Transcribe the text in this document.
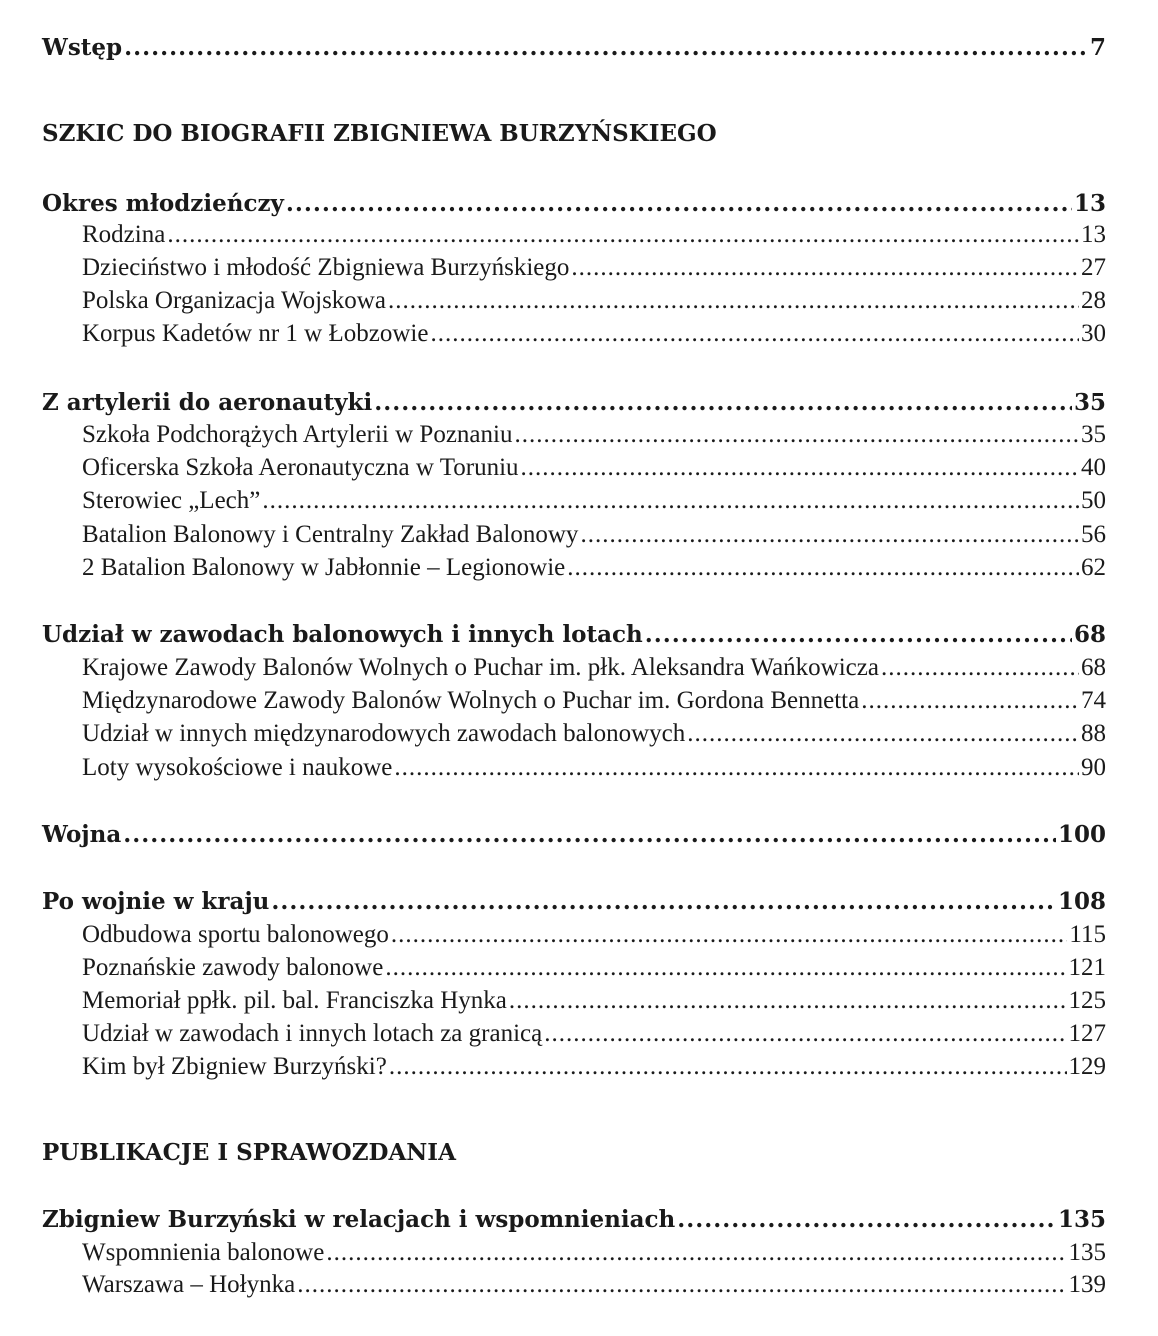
Wstęp .....	7
SZKIC DO BIOGRAFII ZBIGNIEWA BURZYŃSKIEGO
Okres młodzieńczy .....	13
Rodzina .....	13
Dzieciństwo i młodość Zbigniewa Burzyńskiego .....	27
Polska Organizacja Wojskowa .....	28
Korpus Kadetów nr 1 w Łobzowie .....	30
Z artylerii do aeronautyki .....	35
Szkoła Podchorążych Artylerii w Poznaniu .....	35
Oficerska Szkoła Aeronautyczna w Toruniu .....	40
Sterowiec „Lech” .....	50
Batalion Balonowy i Centralny Zakład Balonowy .....	56
2 Batalion Balonowy w Jabłonnie – Legionowie .....	62
Udział w zawodach balonowych i innych lotach .....	68
Krajowe Zawody Balonów Wolnych o Puchar im. płk. Aleksandra Wańkowicza .....	68
Międzynarodowe Zawody Balonów Wolnych o Puchar im. Gordona Bennetta .....	74
Udział w innych międzynarodowych zawodach balonowych .....	88
Loty wysokościowe i naukowe .....	90
Wojna .....	100
Po wojnie w kraju .....	108
Odbudowa sportu balonowego .....	115
Poznańskie zawody balonowe .....	121
Memoriał ppłk. pil. bal. Franciszka Hynka .....	125
Udział w zawodach i innych lotach za granicą .....	127
Kim był Zbigniew Burzyński? .....	129
PUBLIKACJE I SPRAWOZDANIA
Zbigniew Burzyński w relacjach i wspomnieniach .....	135
Wspomnienia balonowe .....	135
Warszawa – Hołynka .....	139
